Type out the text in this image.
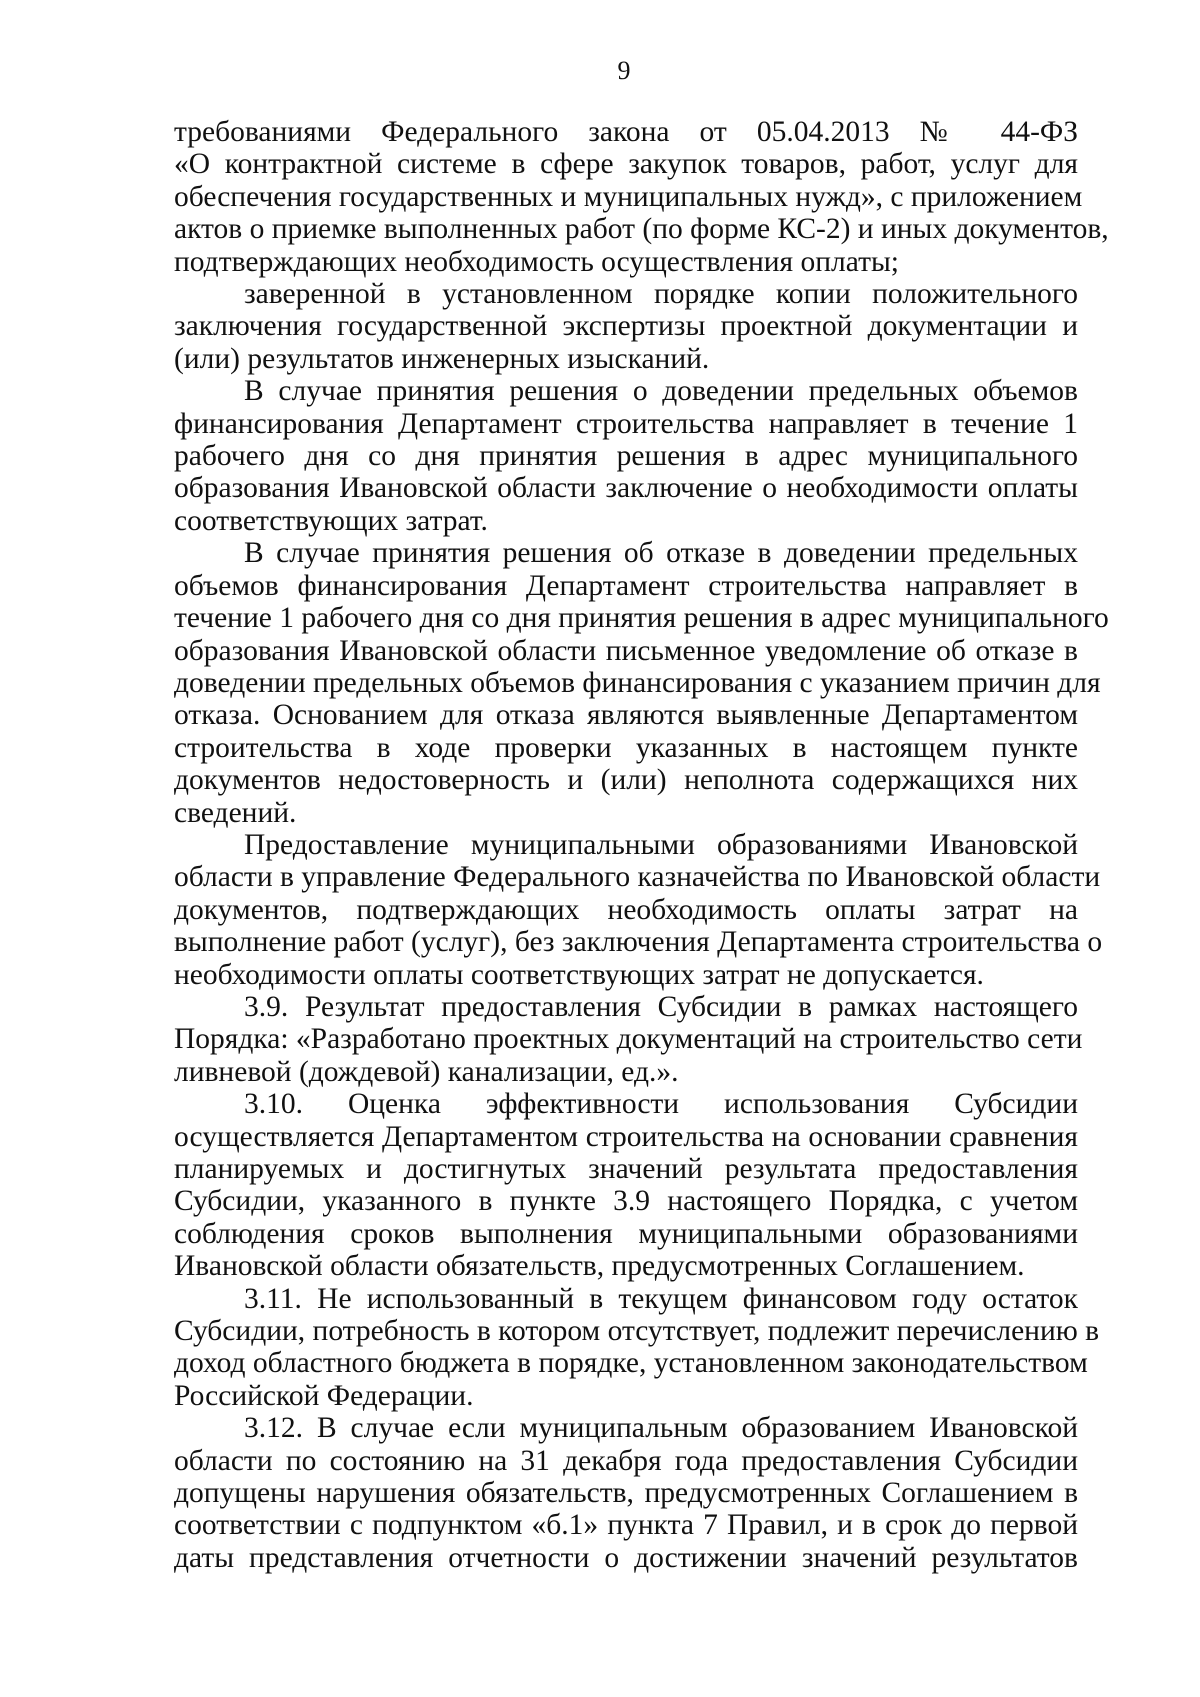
9
требованиями Федерального закона от 05.04.2013 № 44-ФЗ
«О контрактной системе в сфере закупок товаров, работ, услуг для
обеспечения государственных и муниципальных нужд», с приложением
актов о приемке выполненных работ (по форме КС-2) и иных документов,
подтверждающих необходимость осуществления оплаты;
заверенной в установленном порядке копии положительного
заключения государственной экспертизы проектной документации и
(или) результатов инженерных изысканий.
В случае принятия решения о доведении предельных объемов
финансирования Департамент строительства направляет в течение 1
рабочего дня со дня принятия решения в адрес муниципального
образования Ивановской области заключение о необходимости оплаты
соответствующих затрат.
В случае принятия решения об отказе в доведении предельных
объемов финансирования Департамент строительства направляет в
течение 1 рабочего дня со дня принятия решения в адрес муниципального
образования Ивановской области письменное уведомление об отказе в
доведении предельных объемов финансирования с указанием причин для
отказа. Основанием для отказа являются выявленные Департаментом
строительства в ходе проверки указанных в настоящем пункте
документов недостоверность и (или) неполнота содержащихся них
сведений.
Предоставление муниципальными образованиями Ивановской
области в управление Федерального казначейства по Ивановской области
документов, подтверждающих необходимость оплаты затрат на
выполнение работ (услуг), без заключения Департамента строительства о
необходимости оплаты соответствующих затрат не допускается.
3.9. Результат предоставления Субсидии в рамках настоящего
Порядка: «Разработано проектных документаций на строительство сети
ливневой (дождевой) канализации, ед.».
3.10. Оценка эффективности использования Субсидии
осуществляется Департаментом строительства на основании сравнения
планируемых и достигнутых значений результата предоставления
Субсидии, указанного в пункте 3.9 настоящего Порядка, с учетом
соблюдения сроков выполнения муниципальными образованиями
Ивановской области обязательств, предусмотренных Соглашением.
3.11. Не использованный в текущем финансовом году остаток
Субсидии, потребность в котором отсутствует, подлежит перечислению в
доход областного бюджета в порядке, установленном законодательством
Российской Федерации.
3.12. В случае если муниципальным образованием Ивановской
области по состоянию на 31 декабря года предоставления Субсидии
допущены нарушения обязательств, предусмотренных Соглашением в
соответствии с подпунктом «б.1» пункта 7 Правил, и в срок до первой
даты представления отчетности о достижении значений результатов
